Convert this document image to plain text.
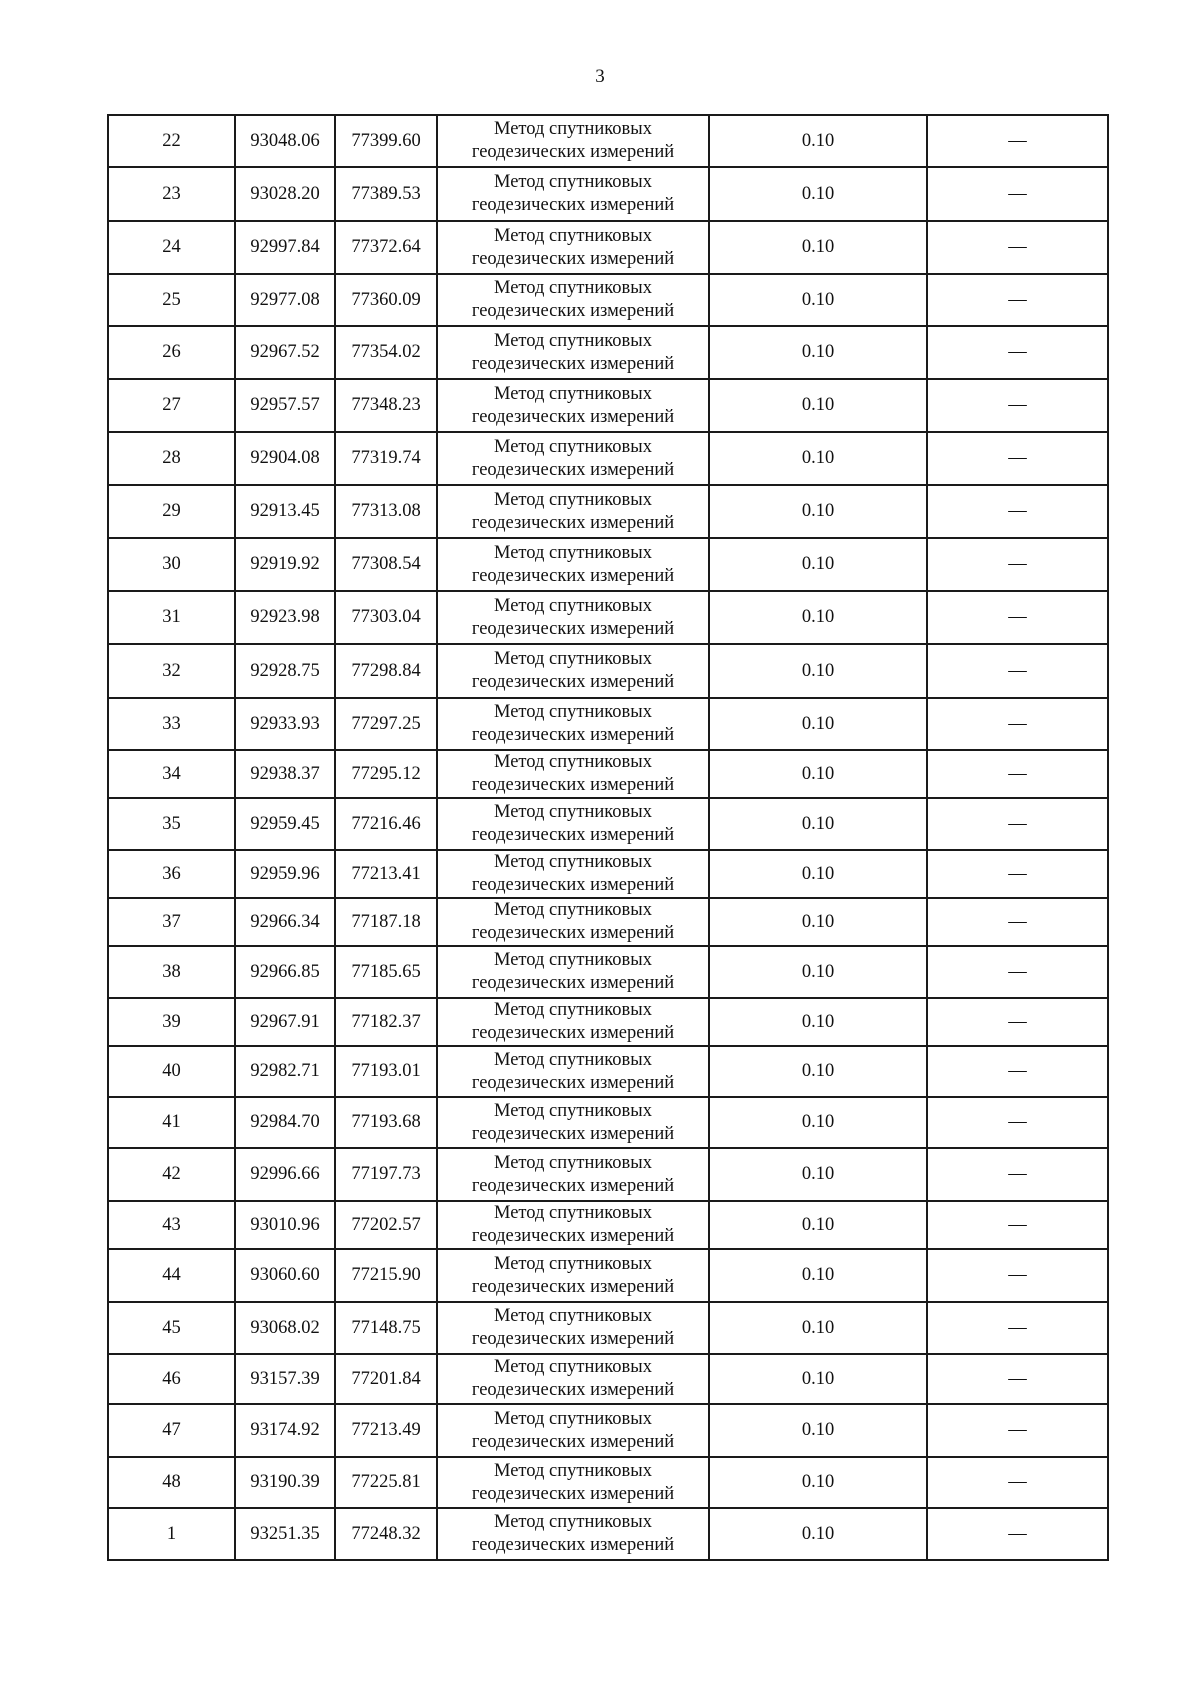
3
22	93048.06	77399.60	Метод спутниковых
геодезических измерений	0.10	—
23	93028.20	77389.53	Метод спутниковых
геодезических измерений	0.10	—
24	92997.84	77372.64	Метод спутниковых
геодезических измерений	0.10	—
25	92977.08	77360.09	Метод спутниковых
геодезических измерений	0.10	—
26	92967.52	77354.02	Метод спутниковых
геодезических измерений	0.10	—
27	92957.57	77348.23	Метод спутниковых
геодезических измерений	0.10	—
28	92904.08	77319.74	Метод спутниковых
геодезических измерений	0.10	—
29	92913.45	77313.08	Метод спутниковых
геодезических измерений	0.10	—
30	92919.92	77308.54	Метод спутниковых
геодезических измерений	0.10	—
31	92923.98	77303.04	Метод спутниковых
геодезических измерений	0.10	—
32	92928.75	77298.84	Метод спутниковых
геодезических измерений	0.10	—
33	92933.93	77297.25	Метод спутниковых
геодезических измерений	0.10	—
34	92938.37	77295.12	Метод спутниковых
геодезических измерений	0.10	—
35	92959.45	77216.46	Метод спутниковых
геодезических измерений	0.10	—
36	92959.96	77213.41	Метод спутниковых
геодезических измерений	0.10	—
37	92966.34	77187.18	Метод спутниковых
геодезических измерений	0.10	—
38	92966.85	77185.65	Метод спутниковых
геодезических измерений	0.10	—
39	92967.91	77182.37	Метод спутниковых
геодезических измерений	0.10	—
40	92982.71	77193.01	Метод спутниковых
геодезических измерений	0.10	—
41	92984.70	77193.68	Метод спутниковых
геодезических измерений	0.10	—
42	92996.66	77197.73	Метод спутниковых
геодезических измерений	0.10	—
43	93010.96	77202.57	Метод спутниковых
геодезических измерений	0.10	—
44	93060.60	77215.90	Метод спутниковых
геодезических измерений	0.10	—
45	93068.02	77148.75	Метод спутниковых
геодезических измерений	0.10	—
46	93157.39	77201.84	Метод спутниковых
геодезических измерений	0.10	—
47	93174.92	77213.49	Метод спутниковых
геодезических измерений	0.10	—
48	93190.39	77225.81	Метод спутниковых
геодезических измерений	0.10	—
1	93251.35	77248.32	Метод спутниковых
геодезических измерений	0.10	—
